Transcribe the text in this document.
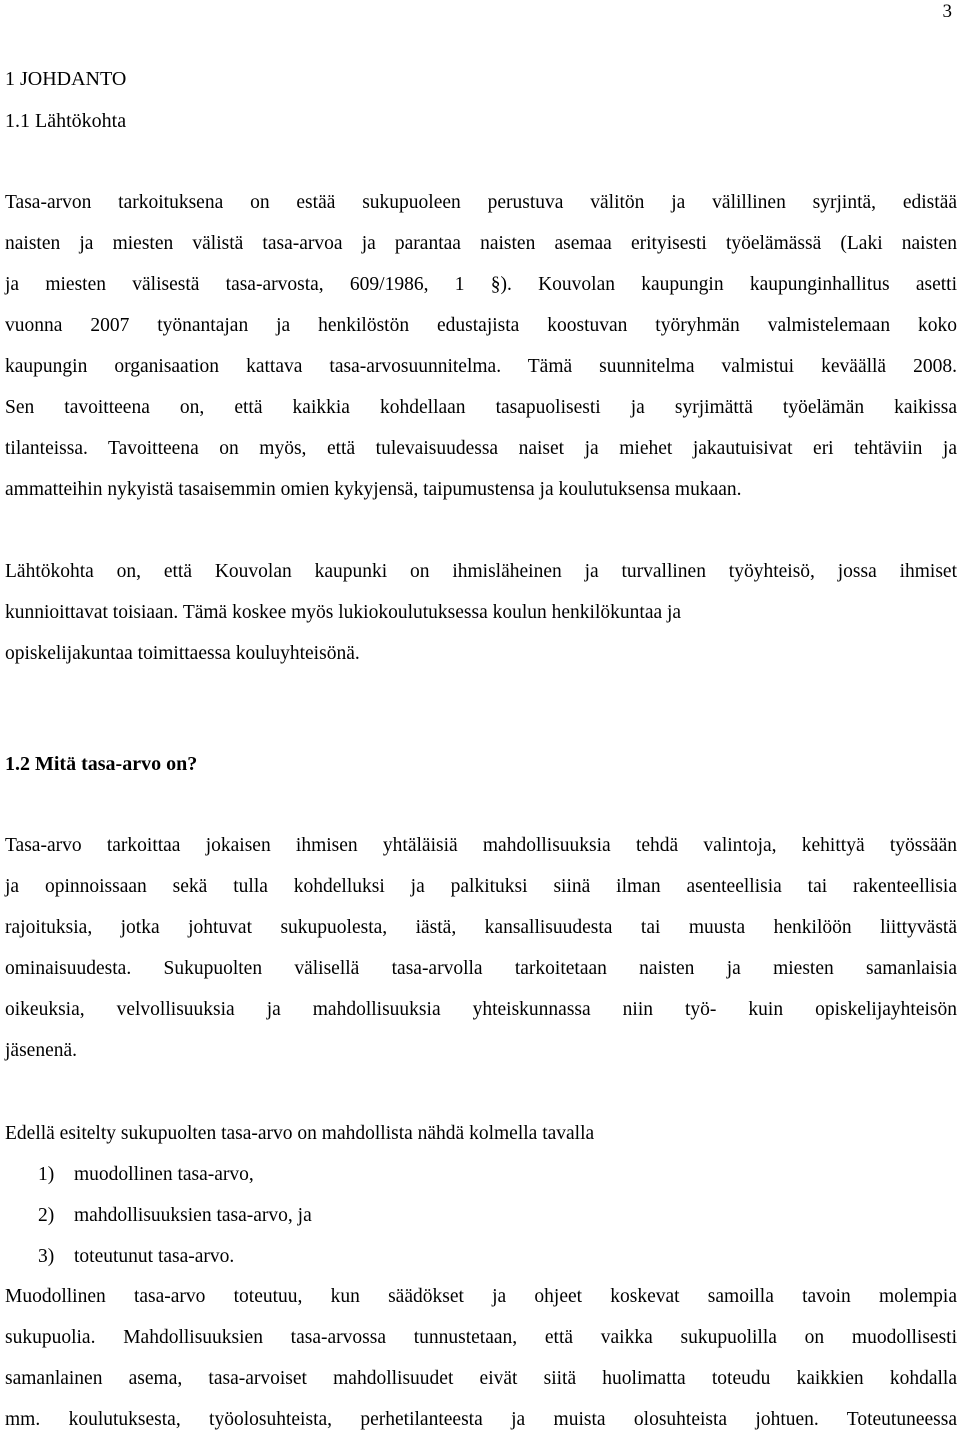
3
1 JOHDANTO
1.1 Lähtökohta

Tasa-arvon tarkoituksena on estää sukupuoleen perustuva välitön ja välillinen syrjintä, edistää
naisten ja miesten välistä tasa-arvoa ja parantaa naisten asemaa erityisesti työelämässä (Laki naisten
ja miesten välisestä tasa-arvosta, 609/1986, 1 §). Kouvolan kaupungin kaupunginhallitus asetti
vuonna 2007 työnantajan ja henkilöstön edustajista koostuvan työryhmän valmistelemaan koko
kaupungin organisaation kattava tasa-arvosuunnitelma. Tämä suunnitelma valmistui keväällä 2008.
Sen tavoitteena on, että kaikkia kohdellaan tasapuolisesti ja syrjimättä työelämän kaikissa
tilanteissa. Tavoitteena on myös, että tulevaisuudessa naiset ja miehet jakautuisivat eri tehtäviin ja
ammatteihin nykyistä tasaisemmin omien kykyjensä, taipumustensa ja koulutuksensa mukaan.

Lähtökohta on, että Kouvolan kaupunki on ihmisläheinen ja turvallinen työyhteisö, jossa ihmiset
kunnioittavat toisiaan. Tämä koskee myös lukiokoulutuksessa koulun henkilökuntaa ja
opiskelijakuntaa toimittaessa kouluyhteisönä.

1.2 Mitä tasa-arvo on?

Tasa-arvo tarkoittaa jokaisen ihmisen yhtäläisiä mahdollisuuksia tehdä valintoja, kehittyä työssään
ja opinnoissaan sekä tulla kohdelluksi ja palkituksi siinä ilman asenteellisia tai rakenteellisia
rajoituksia, jotka johtuvat sukupuolesta, iästä, kansallisuudesta tai muusta henkilöön liittyvästä
ominaisuudesta. Sukupuolten välisellä tasa-arvolla tarkoitetaan naisten ja miesten samanlaisia
oikeuksia, velvollisuuksia ja mahdollisuuksia yhteiskunnassa niin työ- kuin opiskelijayhteisön
jäsenenä.

Edellä esitelty sukupuolten tasa-arvo on mahdollista nähdä kolmella tavalla

1) muodollinen tasa-arvo,
2) mahdollisuuksien tasa-arvo, ja
3) toteutunut tasa-arvo.

Muodollinen tasa-arvo toteutuu, kun säädökset ja ohjeet koskevat samoilla tavoin molempia
sukupuolia. Mahdollisuuksien tasa-arvossa tunnustetaan, että vaikka sukupuolilla on muodollisesti
samanlainen asema, tasa-arvoiset mahdollisuudet eivät siitä huolimatta toteudu kaikkien kohdalla
mm. koulutuksesta, työolosuhteista, perhetilanteesta ja muista olosuhteista johtuen. Toteutuneessa
